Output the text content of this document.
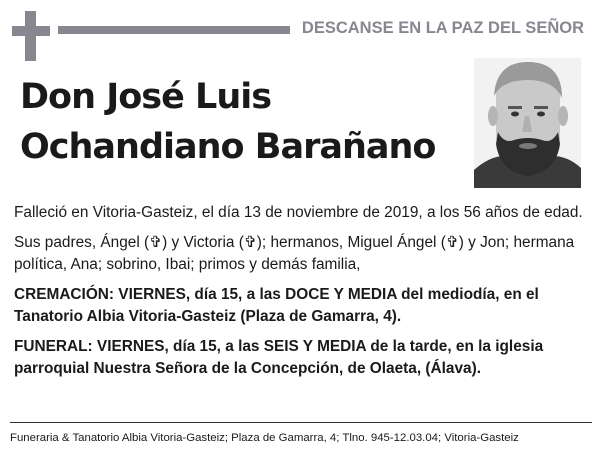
DESCANSE EN LA PAZ DEL SEÑOR
Don José Luis
Ochandiano Barañano

Falleció en Vitoria-Gasteiz, el día 13 de noviembre de 2019, a los 56 años de edad.

Sus padres, Ángel (✞) y Victoria (✞); hermanos, Miguel Ángel (✞) y Jon; hermana política, Ana; sobrino, Ibai; primos y demás familia,

CREMACIÓN: VIERNES, día 15, a las DOCE Y MEDIA del mediodía, en el Tanatorio Albia Vitoria-Gasteiz (Plaza de Gamarra, 4).

FUNERAL: VIERNES, día 15, a las SEIS Y MEDIA de la tarde, en la iglesia parroquial Nuestra Señora de la Concepción, de Olaeta, (Álava).

Funeraria & Tanatorio Albia Vitoria-Gasteiz; Plaza de Gamarra, 4; Tlno. 945-12.03.04; Vitoria-Gasteiz
